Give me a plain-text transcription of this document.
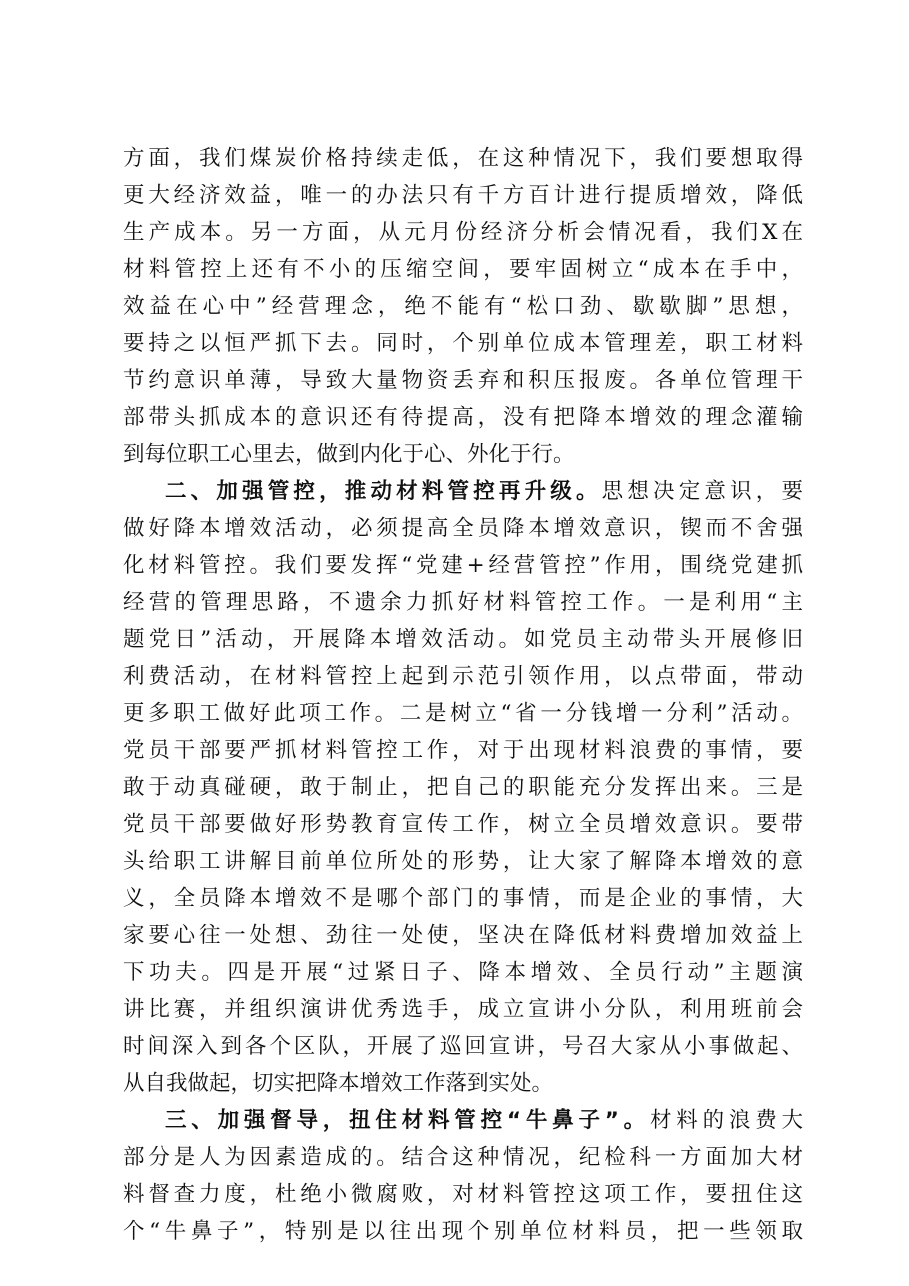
方面，我们煤炭价格持续走低，在这种情况下，我们要想取得
更大经济效益，唯一的办法只有千方百计进行提质增效，降低
生产成本。另一方面，从元月份经济分析会情况看，我们X在
材料管控上还有不小的压缩空间，要牢固树立“成本在手中，
效益在心中”经营理念，绝不能有“松口劲、歇歇脚”思想，
要持之以恒严抓下去。同时，个别单位成本管理差，职工材料
节约意识单薄，导致大量物资丢弃和积压报废。各单位管理干
部带头抓成本的意识还有待提高，没有把降本增效的理念灌输
到每位职工心里去，做到内化于心、外化于行。
二、加强管控，推动材料管控再升级。思想决定意识，要
做好降本增效活动，必须提高全员降本增效意识，锲而不舍强
化材料管控。我们要发挥“党建+经营管控”作用，围绕党建抓
经营的管理思路，不遗余力抓好材料管控工作。一是利用“主
题党日”活动，开展降本增效活动。如党员主动带头开展修旧
利费活动，在材料管控上起到示范引领作用，以点带面，带动
更多职工做好此项工作。二是树立“省一分钱增一分利”活动。
党员干部要严抓材料管控工作，对于出现材料浪费的事情，要
敢于动真碰硬，敢于制止，把自己的职能充分发挥出来。三是
党员干部要做好形势教育宣传工作，树立全员增效意识。要带
头给职工讲解目前单位所处的形势，让大家了解降本增效的意
义，全员降本增效不是哪个部门的事情，而是企业的事情，大
家要心往一处想、劲往一处使，坚决在降低材料费增加效益上
下功夫。四是开展“过紧日子、降本增效、全员行动”主题演
讲比赛，并组织演讲优秀选手，成立宣讲小分队，利用班前会
时间深入到各个区队，开展了巡回宣讲，号召大家从小事做起、
从自我做起，切实把降本增效工作落到实处。
三、加强督导，扭住材料管控“牛鼻子”。材料的浪费大
部分是人为因素造成的。结合这种情况，纪检科一方面加大材
料督查力度，杜绝小微腐败，对材料管控这项工作，要扭住这
个“牛鼻子”，特别是以往出现个别单位材料员，把一些领取
